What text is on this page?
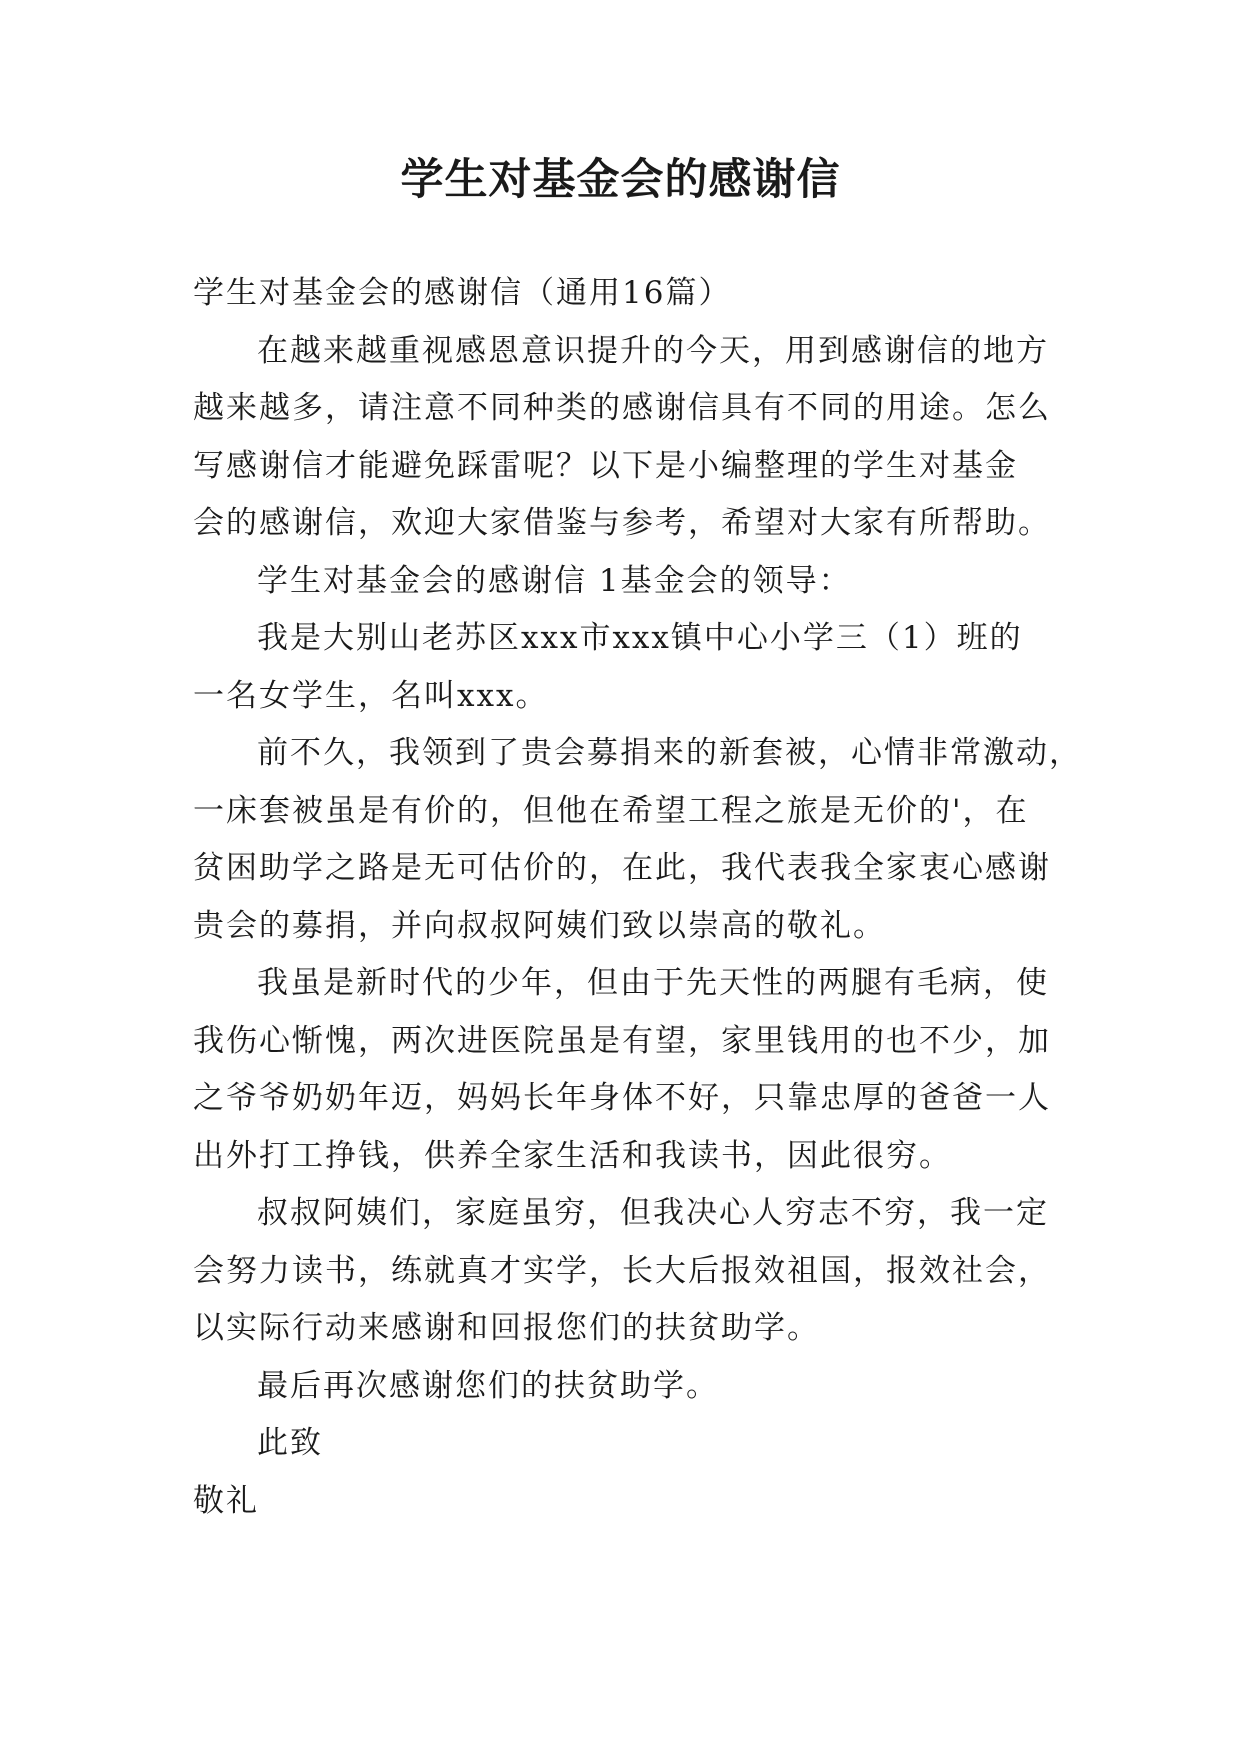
学生对基金会的感谢信
学生对基金会的感谢信（通用16篇）
在越来越重视感恩意识提升的今天，用到感谢信的地方
越来越多，请注意不同种类的感谢信具有不同的用途。怎么
写感谢信才能避免踩雷呢？以下是小编整理的学生对基金
会的感谢信，欢迎大家借鉴与参考，希望对大家有所帮助。
学生对基金会的感谢信 1基金会的领导：
我是大别山老苏区xxx市xxx镇中心小学三（1）班的
一名女学生，名叫xxx。
前不久，我领到了贵会募捐来的新套被，心情非常激动，
一床套被虽是有价的，但他在希望工程之旅是无价的'，在
贫困助学之路是无可估价的，在此，我代表我全家衷心感谢
贵会的募捐，并向叔叔阿姨们致以崇高的敬礼。
我虽是新时代的少年，但由于先天性的两腿有毛病，使
我伤心惭愧，两次进医院虽是有望，家里钱用的也不少，加
之爷爷奶奶年迈，妈妈长年身体不好，只靠忠厚的爸爸一人
出外打工挣钱，供养全家生活和我读书，因此很穷。
叔叔阿姨们，家庭虽穷，但我决心人穷志不穷，我一定
会努力读书，练就真才实学，长大后报效祖国，报效社会，
以实际行动来感谢和回报您们的扶贫助学。
最后再次感谢您们的扶贫助学。
此致
敬礼
